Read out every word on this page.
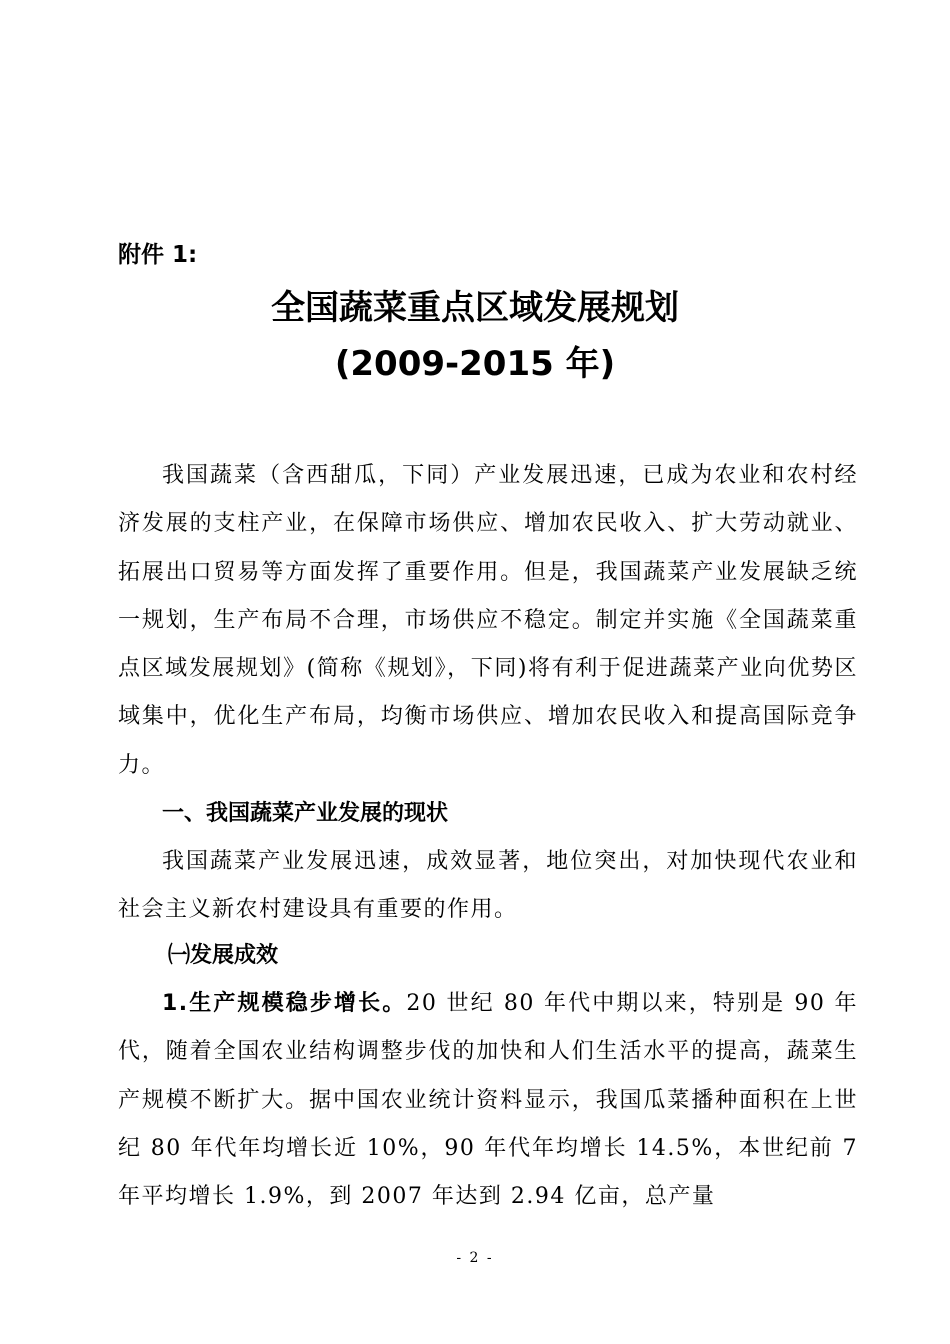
附件 1:
全国蔬菜重点区域发展规划
(2009-2015 年)

我国蔬菜（含西甜瓜，下同）产业发展迅速，已成为农业和农村经济发展的支柱产业，在保障市场供应、增加农民收入、扩大劳动就业、拓展出口贸易等方面发挥了重要作用。但是，我国蔬菜产业发展缺乏统一规划，生产布局不合理，市场供应不稳定。制定并实施《全国蔬菜重点区域发展规划》(简称《规划》，下同)将有利于促进蔬菜产业向优势区域集中，优化生产布局，均衡市场供应、增加农民收入和提高国际竞争力。

一、我国蔬菜产业发展的现状

我国蔬菜产业发展迅速，成效显著，地位突出，对加快现代农业和社会主义新农村建设具有重要的作用。

㈠发展成效

1.生产规模稳步增长。20 世纪 80 年代中期以来，特别是 90 年代，随着全国农业结构调整步伐的加快和人们生活水平的提高，蔬菜生产规模不断扩大。据中国农业统计资料显示，我国瓜菜播种面积在上世纪 80 年代年均增长近 10%，90 年代年均增长 14.5%，本世纪前 7 年平均增长 1.9%，到 2007 年达到 2.94 亿亩，总产量

- 2 -
